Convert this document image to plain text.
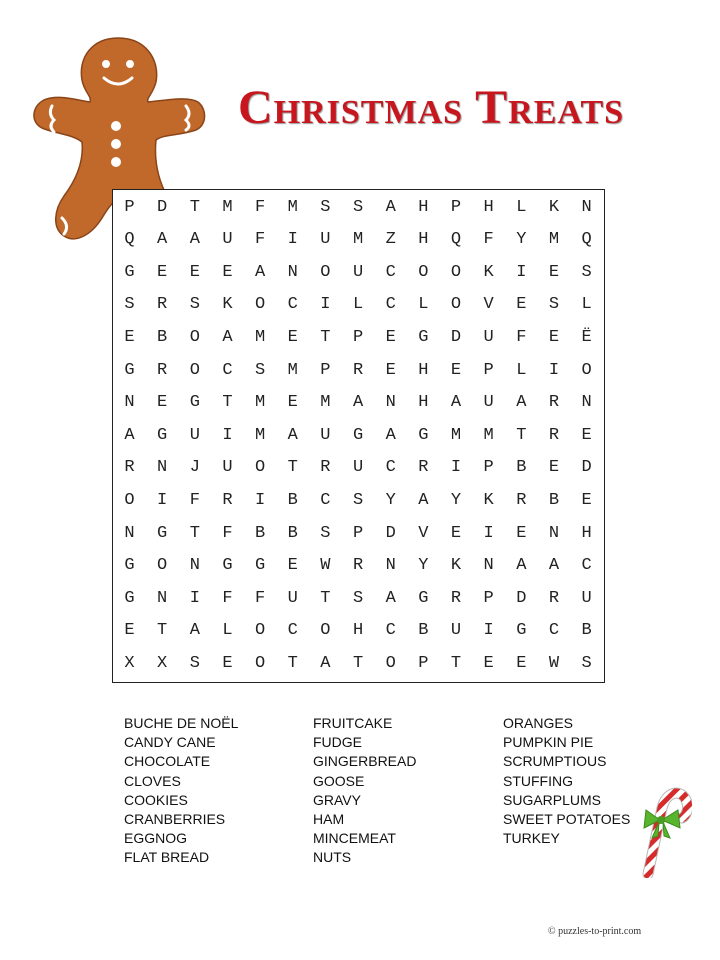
Christmas Treats
P	D	T	M	F	M	S	S	A	H	P	H	L	K	N
Q	A	A	U	F	I	U	M	Z	H	Q	F	Y	M	Q
G	E	E	E	A	N	O	U	C	O	O	K	I	E	S
S	R	S	K	O	C	I	L	C	L	O	V	E	S	L
E	B	O	A	M	E	T	P	E	G	D	U	F	E	Ë
G	R	O	C	S	M	P	R	E	H	E	P	L	I	O
N	E	G	T	M	E	M	A	N	H	A	U	A	R	N
A	G	U	I	M	A	U	G	A	G	M	M	T	R	E
R	N	J	U	O	T	R	U	C	R	I	P	B	E	D
O	I	F	R	I	B	C	S	Y	A	Y	K	R	B	E
N	G	T	F	B	B	S	P	D	V	E	I	E	N	H
G	O	N	G	G	E	W	R	N	Y	K	N	A	A	C
G	N	I	F	F	U	T	S	A	G	R	P	D	R	U
E	T	A	L	O	C	O	H	C	B	U	I	G	C	B
X	X	S	E	O	T	A	T	O	P	T	E	E	W	S
BUCHE DE NOËL
CANDY CANE
CHOCOLATE
CLOVES
COOKIES
CRANBERRIES
EGGNOG
FLAT BREAD
FRUITCAKE
FUDGE
GINGERBREAD
GOOSE
GRAVY
HAM
MINCEMEAT
NUTS
ORANGES
PUMPKIN PIE
SCRUMPTIOUS
STUFFING
SUGARPLUMS
SWEET POTATOES
TURKEY
© puzzles-to-print.com
